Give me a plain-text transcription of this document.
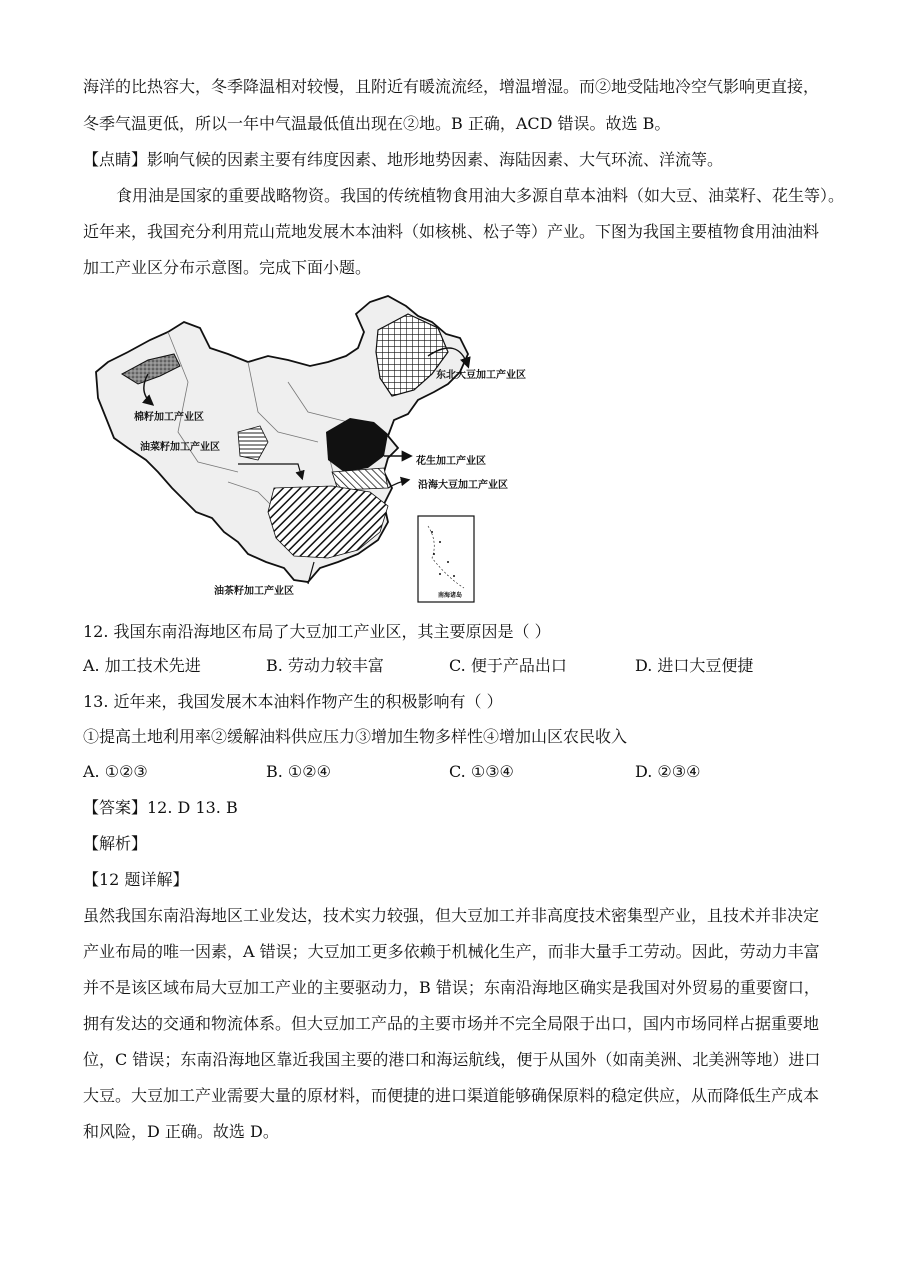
海洋的比热容大，冬季降温相对较慢，且附近有暖流流经，增温增湿。而②地受陆地冷空气影响更直接，
冬季气温更低，所以一年中气温最低值出现在②地。B 正确，ACD 错误。故选 B。
【点睛】影响气候的因素主要有纬度因素、地形地势因素、海陆因素、大气环流、洋流等。
食用油是国家的重要战略物资。我国的传统植物食用油大多源自草本油料（如大豆、油菜籽、花生等）。
近年来，我国充分利用荒山荒地发展木本油料（如核桃、松子等）产业。下图为我国主要植物食用油油料
加工产业区分布示意图。完成下面小题。
东北大豆加工产业区
棉籽加工产业区
油菜籽加工产业区
花生加工产业区
沿海大豆加工产业区
油茶籽加工产业区	南海诸岛
12. 我国东南沿海地区布局了大豆加工产业区，其主要原因是（ ）
A. 加工技术先进	B. 劳动力较丰富	C. 便于产品出口	D. 进口大豆便捷
13. 近年来，我国发展木本油料作物产生的积极影响有（ ）
①提高土地利用率②缓解油料供应压力③增加生物多样性④增加山区农民收入
A. ①②③	B. ①②④	C. ①③④	D. ②③④
【答案】12. D 13. B
【解析】
【12 题详解】
虽然我国东南沿海地区工业发达，技术实力较强，但大豆加工并非高度技术密集型产业，且技术并非决定
产业布局的唯一因素，A 错误；大豆加工更多依赖于机械化生产，而非大量手工劳动。因此，劳动力丰富
并不是该区域布局大豆加工产业的主要驱动力，B 错误；东南沿海地区确实是我国对外贸易的重要窗口，
拥有发达的交通和物流体系。但大豆加工产品的主要市场并不完全局限于出口，国内市场同样占据重要地
位，C 错误；东南沿海地区靠近我国主要的港口和海运航线，便于从国外（如南美洲、北美洲等地）进口
大豆。大豆加工产业需要大量的原材料，而便捷的进口渠道能够确保原料的稳定供应，从而降低生产成本
和风险，D 正确。故选 D。
